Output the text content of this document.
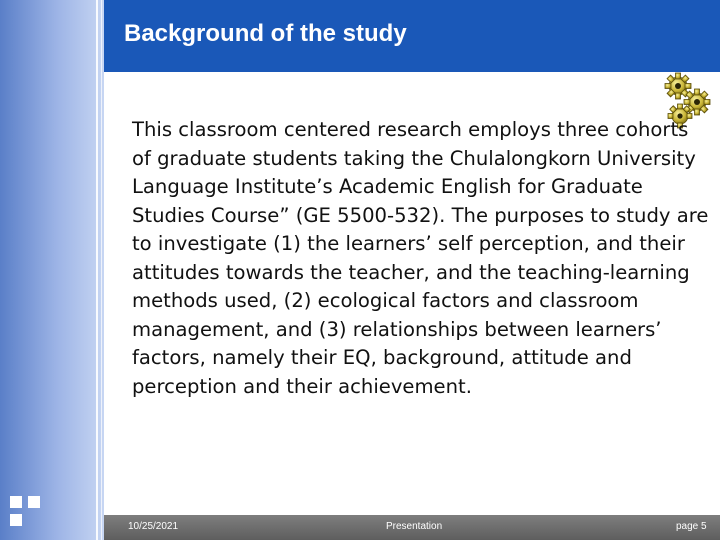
Background of the study
This classroom centered research employs three cohorts of graduate students taking the Chulalongkorn University Language Institute’s Academic English for Graduate Studies Course” (GE 5500-532). The purposes to study are to investigate (1) the learners’ self perception, and their attitudes towards the teacher, and the teaching-learning methods used, (2) ecological factors and classroom management, and (3) relationships between learners’ factors, namely their EQ, background, attitude and perception and their achievement.
10/25/2021	Presentation	page 5
